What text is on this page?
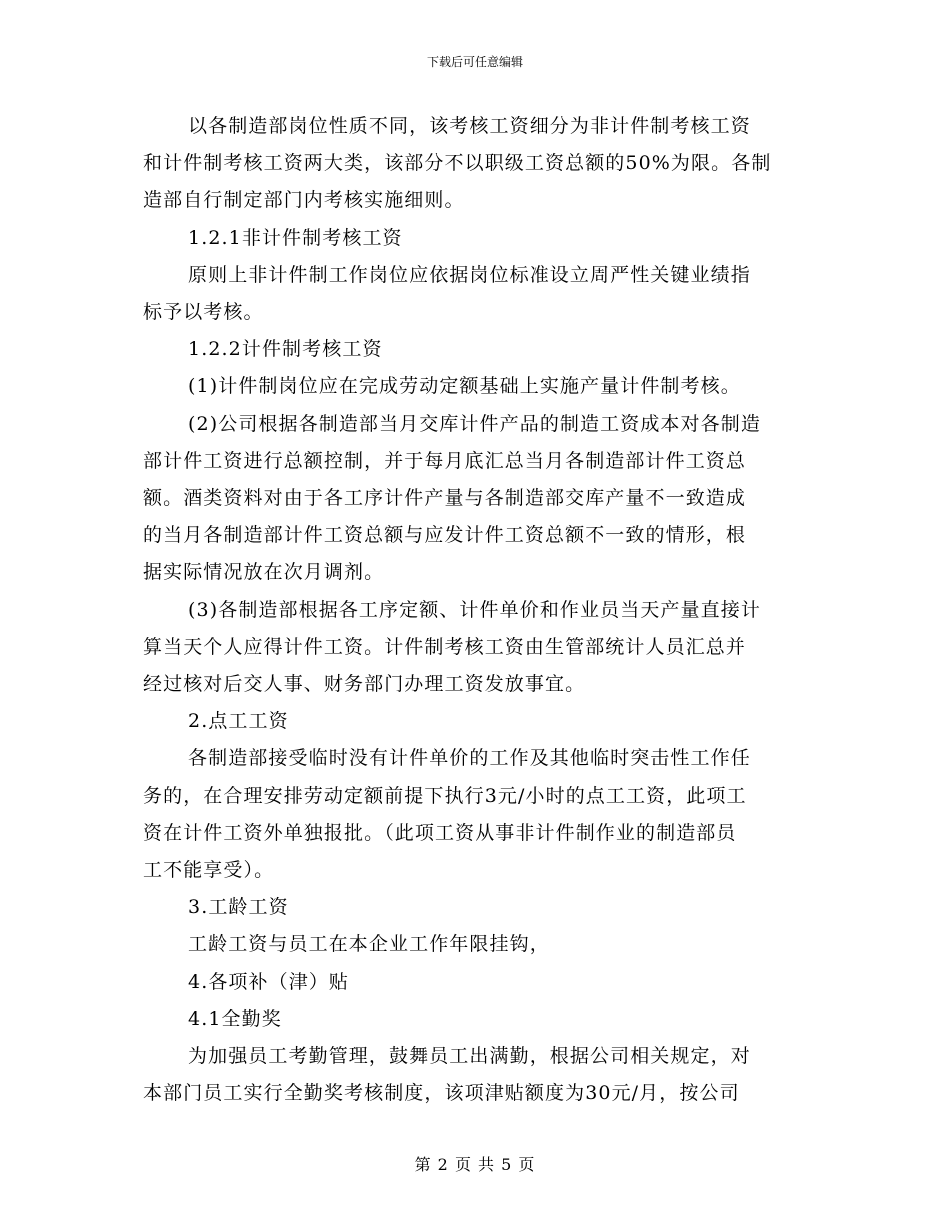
下载后可任意编辑

以各制造部岗位性质不同，该考核工资细分为非计件制考核工资

和计件制考核工资两大类，该部分不以职级工资总额的50%为限。各制

造部自行制定部门内考核实施细则。

1.2.1非计件制考核工资

原则上非计件制工作岗位应依据岗位标准设立周严性关键业绩指

标予以考核。

1.2.2计件制考核工资

(1)计件制岗位应在完成劳动定额基础上实施产量计件制考核。

(2)公司根据各制造部当月交库计件产品的制造工资成本对各制造

部计件工资进行总额控制，并于每月底汇总当月各制造部计件工资总

额。酒类资料对由于各工序计件产量与各制造部交库产量不一致造成

的当月各制造部计件工资总额与应发计件工资总额不一致的情形，根

据实际情况放在次月调剂。

(3)各制造部根据各工序定额、计件单价和作业员当天产量直接计

算当天个人应得计件工资。计件制考核工资由生管部统计人员汇总并

经过核对后交人事、财务部门办理工资发放事宜。

2.点工工资

各制造部接受临时没有计件单价的工作及其他临时突击性工作任

务的，在合理安排劳动定额前提下执行3元/小时的点工工资，此项工

资在计件工资外单独报批。（此项工资从事非计件制作业的制造部员

工不能享受）。

3.工龄工资

工龄工资与员工在本企业工作年限挂钩，

4.各项补（津）贴

4.1全勤奖

为加强员工考勤管理，鼓舞员工出满勤，根据公司相关规定，对

本部门员工实行全勤奖考核制度，该项津贴额度为30元/月，按公司

第 2 页 共 5 页
